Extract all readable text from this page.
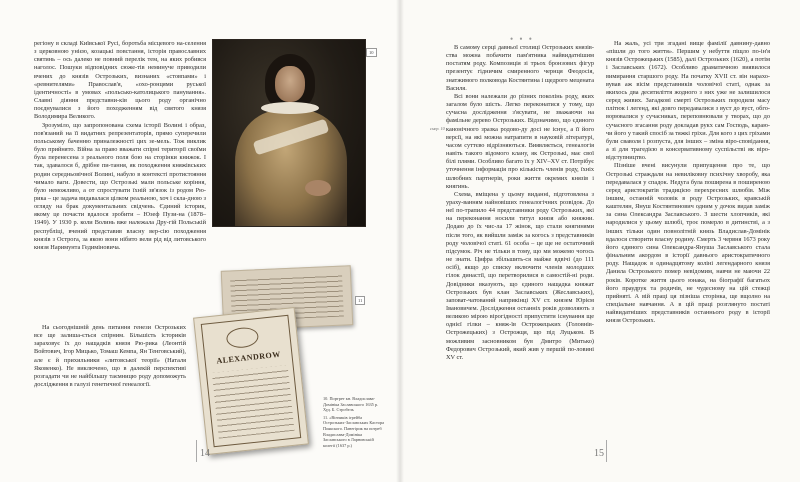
регіону в складі Київської Русі, боротьба місцевого на-селення з церковною унією, козацькі повстання, історія православних святинь – ось далеко не повний перелік тем, на яких робився наголос. Пошуки відповідних сюже-тів неминуче приводили вчених до князів Острозьких, визнаних «стовпами» і «ревнителями» Православ'я, «охо-ронцями руської ідентичності» в умовах «польсько-католицького панування». Славні діяння представни-ків цього роду органічно поєднувалися з його походженням від святого князя Володимира Великого.

Зрозуміло, що запропонована схема історії Волині і образ, пов'язаний на її видатних репрезентаторів, прямо суперечили польському баченню приналежності цих зе-мель. Тож виклик було прийнято. Війна за право вважати спірні території своїми була перенесена з реального поля бою на сторінки книжок. І так, здавалося б, дрібне пи-тання, як походження княжівських родин середньовічної Волині, набуло в контексті протистояння чимало ваги. Довести, що Острозькі мали польське коріння, було неможливо, а от спростувати їхній зв'язок із родом Рю-рика – це задача видавалася цілком реальною, хоч і скла-дною з огляду на брак документальних свідчень. Єдиний історик, якому це почасти вдалося зробити – Юзеф Пузи-на (1878–1949). У 1930 р. коли Волинь вже належала Дру-гій Польській республіці, вчений представив власну вер-сію походження князів з Острога, за якою вони нібито вели рід від литовського князя Наримунта Гедиміновича.

На сьогоднішній день питання генези Острозьких все ще залиша-ється спірним. Більшість істориків зараховує їх до нащадків князя Рю-рика (Леонтій Войтович, Ігор Мицько, Томаш Кемпа, Ян Тенговський), але є й прихильники «литовської теорії» (Наталя Яковенко). Не виключено, що в далекій перспективі розгадати чи не найбільшу таємницю роду допоможуть дослідження в галузі генетичної генеалогії.

10
ALEXANDROW
11

10. Портрет кн. Владислава-Домініка Заславського 1635 р. Худ. Б. Стробель

11. «Вінчиків ігрейба Острозьких-Заславських Кастора Поякского. Панегірик на потреб Владислава-Домініка Заславського в Ларновській колегії (1637 р.)

14
• • •
смер. 10

В самому серці давньої столиці Острозьких князів-ства можна побачити пам'ятника найвидатнішим постатям роду. Композиція зі трьох бронзових фігур презентує гідничим смиренного чернця Феодосія, знатжимого полковода Костянтина і щедрого мецената Василя.

Всі вони належали до різних поколінь роду, яких загалом було шість. Легко переконатися у тому, що сучасна дослідження з'ясувати, не зважаючи на фамільне дерево Острозьких. Відзначимо, що єдиного канонічного зразка родово-ду досі не існує, а її його версії, на які можна натрапити в науковій літературі, часом суттєво відрізняються. Виявляється, генеалогія навіть такого відомого клану, як Острозькі, має свої білі плями. Особливо багато їх у XIV–XV ст. Потрібує уточнення інформація про кількість членів роду, їхніх шлюбних партнерів, роки життя окремих князів і княгинь.

Схема, вміщена у цьому виданні, підготовлена з ураху-ванням найновіших генеалогічних розвідок. До неї по-трапило 44 представники роду Острозьких, які на переконання носили титул князя або княжни. Додаю до їх чис-ла 17 жінок, що стали княгинями після того, як вийшли заміж за когось з представників роду чоловічої статі. 61 особа – це ще не остаточний підсумок. Річ не тільки в тому, що ми можемо чогось не знати. Цифра збільшить-ся майже вдвічі (до 111 осіб), якщо до списку включити членів молодших гілок династії, що перетворилися в самостій-ні роди. Довідники вказують, що єдиного нащадка княжат Острозьких був клан Заславських (Жеславських), заповат-чатований наприкінці XV ст. князем Юрієм Івановичем. Дослідження останніх років дозволяють з великою мірою вірогідності припустити існування ще однієї гілки – княж-їв Острожецьких (Головнів-Острожецьких) з Острожця, що під Луцьком. В можливим засновником був Дмитро (Митько) Федорович Острозький, який жив у першій по-ловині XV ст.

На жаль, усі три згадані вище фамілії давнину-давно «пішли до того життя». Першим у небуття піщло по-ін'я князів Острожецьких (1585), далі Острозьких (1620), а потім і Заславських (1672). Особливо драматичною виявилося вимирання старшого роду. На початку XVII ст. він нарахо-вував аж вісім представників чоловічої статі, однак за якихось два десятиліття жодного з них уже не залишилося серед живих. Загадкові смерті Острозьких породили масу плітюк і легенд, які довго передавалися з вуст до вуст, обго-ворювалися у сучасниках, переповнювали у творах, що до сучасного згасання роду докладав рукх сам Господь, караю-чи його у такий спосіб за тяжкі гріхи. Для кого з цих гріхами були сваволя і розпуста, для інших – зміна віро-сповідання, а зі для трагедією в консервативному суспільстві як віро-відступництво.

Пізніше вчені висунули припущення про те, що Острозькі страждали на невиліковну психічну хворобу, яка передавалася у спадок. Недуга була поширена в поширеною серед аристократів традицією перехресних шлюбів. Між іншим, останній чоловік в роду Острозьких, кравській каштелян, Януш Костянтинович одним у дочок видав заміж за сина Олександра Заславського. З шести хлопчиків, які народилися у цьому шлюбі, троє померло в дитинстві, а з інших тільки один повнолітній князь Владислав-Домінік вдалося створити власну родину. Смерть 3 червня 1673 року його єдиного сина Олександра-Януша Заславського стала фінальним акордом в історії давнього аристократичного роду. Нащадок в одинадцятому коліні легендарного князя Данила Острозького помер невідомим, навчи не маючи 22 років. Коротке життя цього юнака, на біографії багатьох його праудрук та родичів, не чудесному на цій стежці прийняті. А вій праці ця пізніша сторінка, ще вщолно на спеціальне навчання. А в цій праці розглянуто постаті найвидатніших представників останнього роду в історії князя Острозьких.

15
